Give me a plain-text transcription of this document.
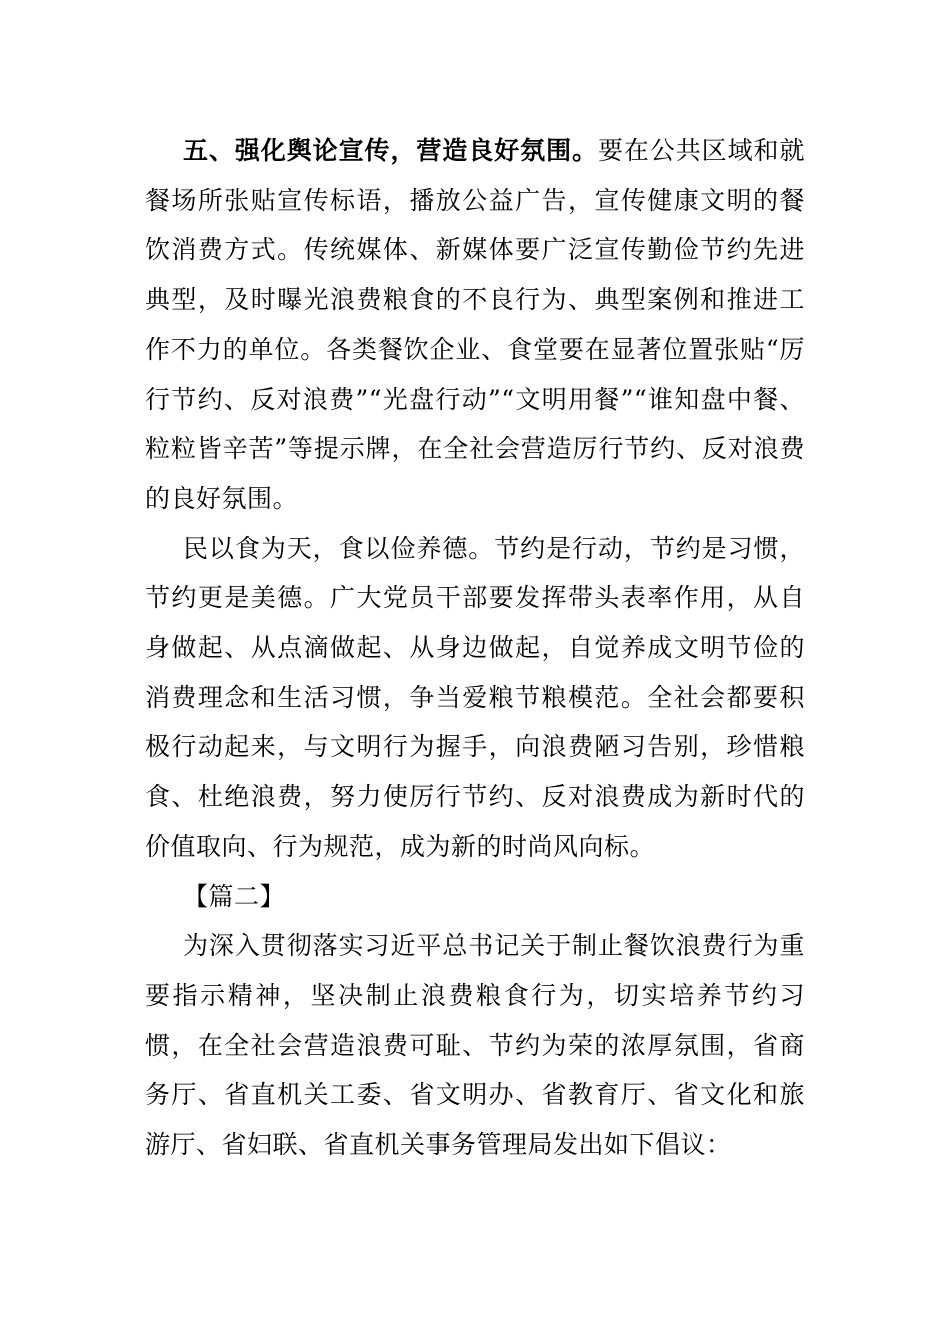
五、强化舆论宣传，营造良好氛围。要在公共区域和就餐场所张贴宣传标语，播放公益广告，宣传健康文明的餐饮消费方式。传统媒体、新媒体要广泛宣传勤俭节约先进典型，及时曝光浪费粮食的不良行为、典型案例和推进工作不力的单位。各类餐饮企业、食堂要在显著位置张贴“厉行节约、反对浪费”“光盘行动”“文明用餐”“谁知盘中餐、粒粒皆辛苦”等提示牌，在全社会营造厉行节约、反对浪费的良好氛围。

民以食为天，食以俭养德。节约是行动，节约是习惯，节约更是美德。广大党员干部要发挥带头表率作用，从自身做起、从点滴做起、从身边做起，自觉养成文明节俭的消费理念和生活习惯，争当爱粮节粮模范。全社会都要积极行动起来，与文明行为握手，向浪费陋习告别，珍惜粮食、杜绝浪费，努力使厉行节约、反对浪费成为新时代的价值取向、行为规范，成为新的时尚风向标。

【篇二】

为深入贯彻落实习近平总书记关于制止餐饮浪费行为重要指示精神，坚决制止浪费粮食行为，切实培养节约习惯，在全社会营造浪费可耻、节约为荣的浓厚氛围，省商务厅、省直机关工委、省文明办、省教育厅、省文化和旅游厅、省妇联、省直机关事务管理局发出如下倡议：
